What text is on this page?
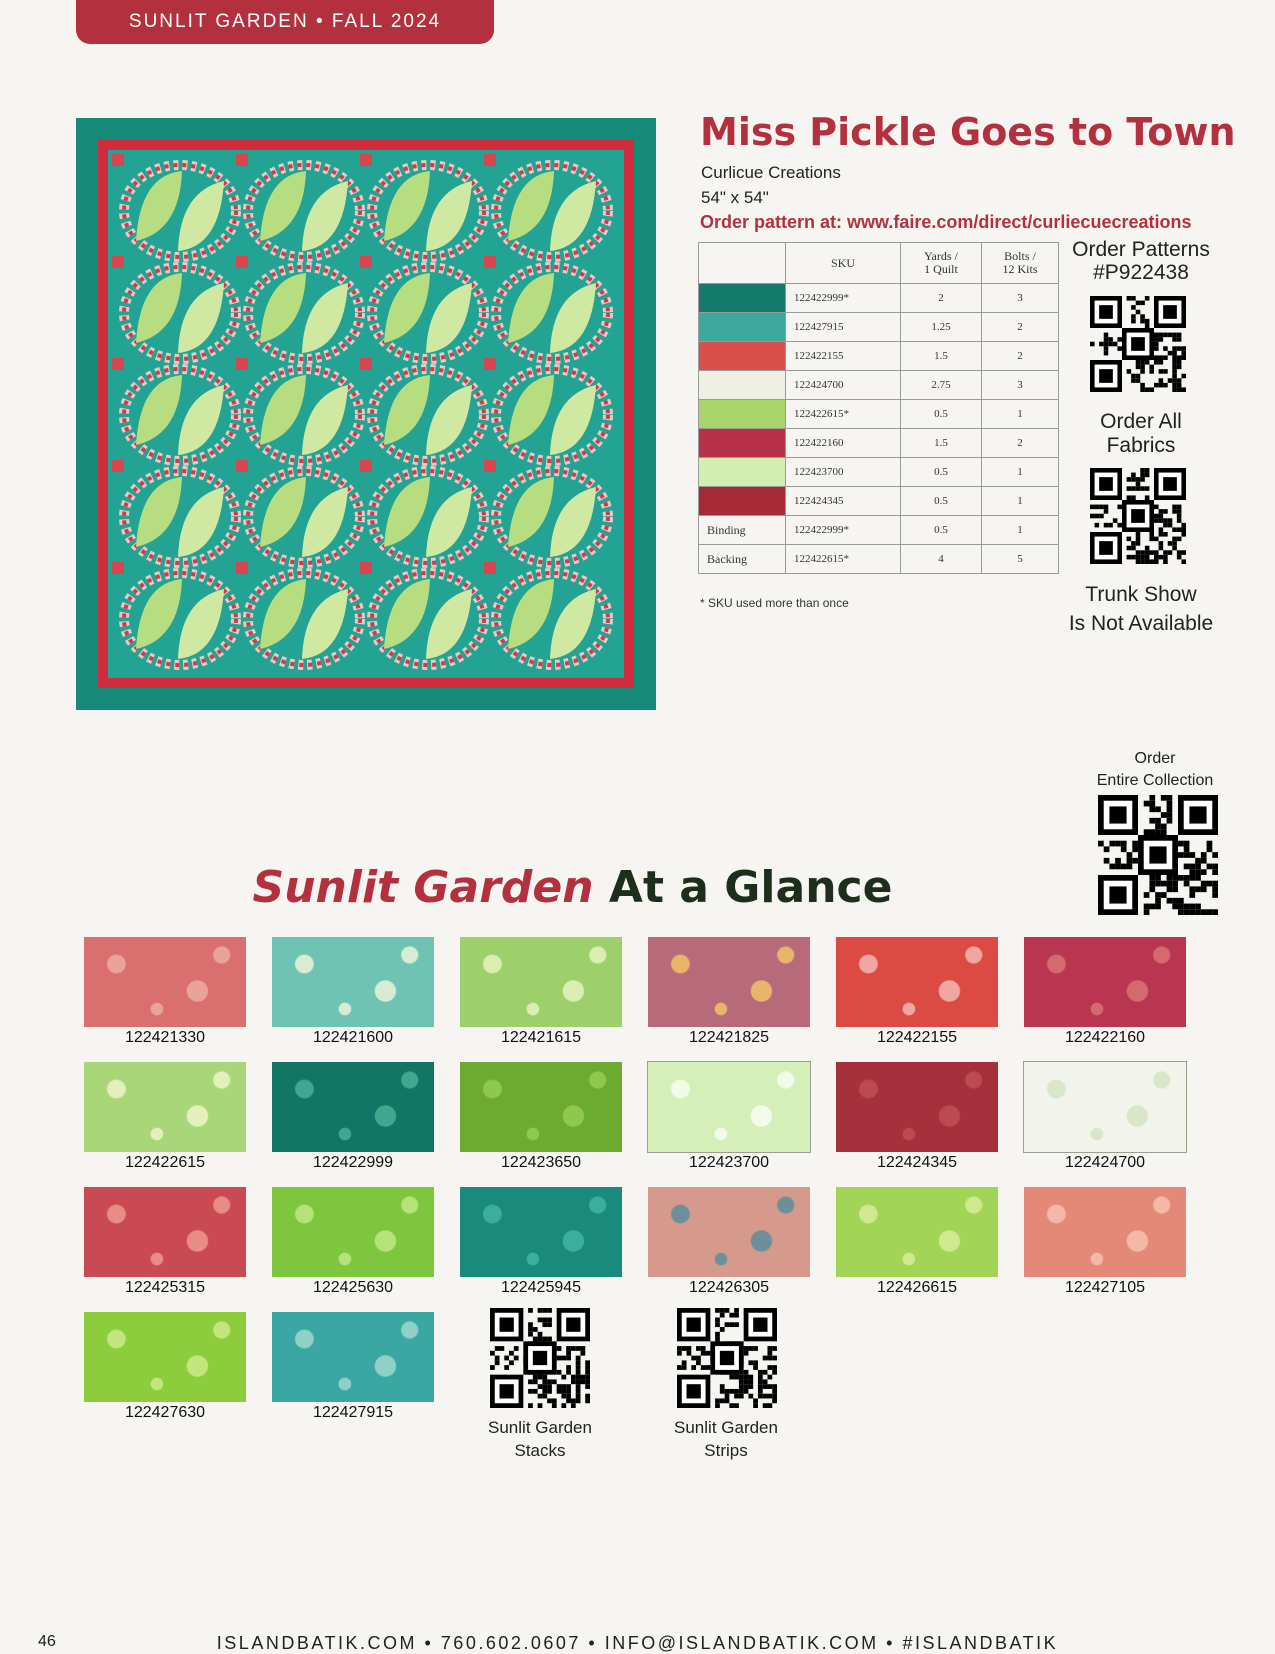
SUNLIT GARDEN • FALL 2024
Miss Pickle Goes to Town
Curlicue Creations
54" x 54"
Order pattern at: www.faire.com/direct/curliecuecreations
	SKU	Yards /
1 Quilt	Bolts /
12 Kits
	122422999*	2	3
	122427915	1.25	2
	122422155	1.5	2
	122424700	2.75	3
	122422615*	0.5	1
	122422160	1.5	2
	122423700	0.5	1
	122424345	0.5	1
Binding	122422999*	0.5	1
Backing	122422615*	4	5
* SKU used more than once
Order Patterns
#P922438
Order All
Fabrics
Trunk Show
Is Not Available
Order
Entire Collection
Sunlit Garden At a Glance
122421330	122421600	122421615	122421825	122422155	122422160
122422615	122422999	122423650	122423700	122424345	122424700
122425315	122425630	122425945	122426305	122426615	122427105
122427630	122427915
Sunlit Garden
Stacks
Sunlit Garden
Strips
46	ISLANDBATIK.COM • 760.602.0607 • INFO@ISLANDBATIK.COM • #ISLANDBATIK
